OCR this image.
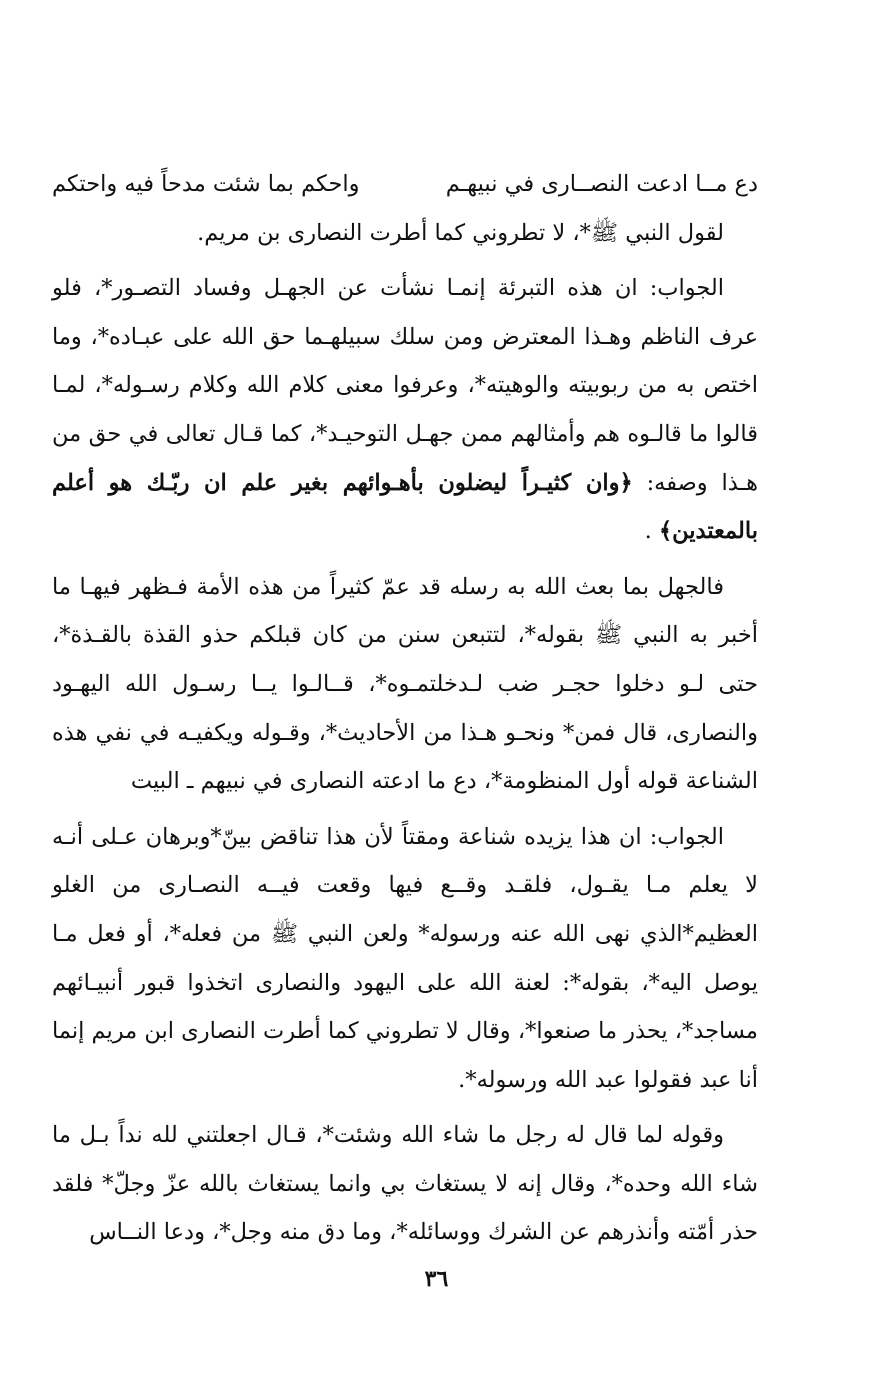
دع مــا ادعت النصــارى في نبيهـم
واحكم بما شئت مدحاً فيه واحتكم

لقول النبي ﷺ*، لا تطروني كما أطرت النصارى بن مريم.

الجواب: ان هذه التبرئة إنمـا نشأت عن الجهـل وفساد التصـور*، فلو عرف الناظم وهـذا المعترض ومن سلك سبيلهـما حق الله على عبـاده*، وما اختص به من ربوبيته والوهيته*، وعرفوا معنى كلام الله وكلام رسـوله*، لمـا قالوا ما قالـوه هم وأمثالهم ممن جهـل التوحيـد*، كما قـال تعالى في حق من هـذا وصفه: ﴿وان كثيـراً ليضلون بأهـوائهم بغير علم ان ربّـك هو أعلم بالمعتدين﴾ .

فالجهل بما بعث الله به رسله قد عمّ كثيراً من هذه الأمة فـظهر فيهـا ما أخبر به النبي ﷺ بقوله*، لتتبعن سنن من كان قبلكم حذو القذة بالقـذة*، حتى لـو دخلوا حجـر ضب لـدخلتمـوه*، قــالـوا يــا رسـول الله اليهـود والنصارى، قال فمن* ونحـو هـذا من الأحاديث*، وقـوله ويكفيـه في نفي هذه الشناعة قوله أول المنظومة*، دع ما ادعته النصارى في نبيهم ـ البيت

الجواب: ان هذا يزيده شناعة ومقتاً لأن هذا تناقض بينّ*وبرهان عـلى أنـه لا يعلم مـا يقـول، فلقـد وقــع فيها وقعت فيــه النصـارى من الغلو العظيم*الذي نهى الله عنه ورسوله* ولعن النبي ﷺ من فعله*، أو فعل مـا يوصل اليه*، بقوله*: لعنة الله على اليهود والنصارى اتخذوا قبور أنبيـائهم مساجد*، يحذر ما صنعوا*، وقال لا تطروني كما أطرت النصارى ابن مريم إنما أنا عبد فقولوا عبد الله ورسوله*.

وقوله لما قال له رجل ما شاء الله وشئت*، قـال اجعلتني لله نداً بـل ما شاء الله وحده*، وقال إنه لا يستغاث بي وانما يستغاث بالله عزّ وجلّ* فلقد حذر أمّته وأنذرهم عن الشرك ووسائله*، وما دق منه وجل*، ودعا النــاس

٣٦
